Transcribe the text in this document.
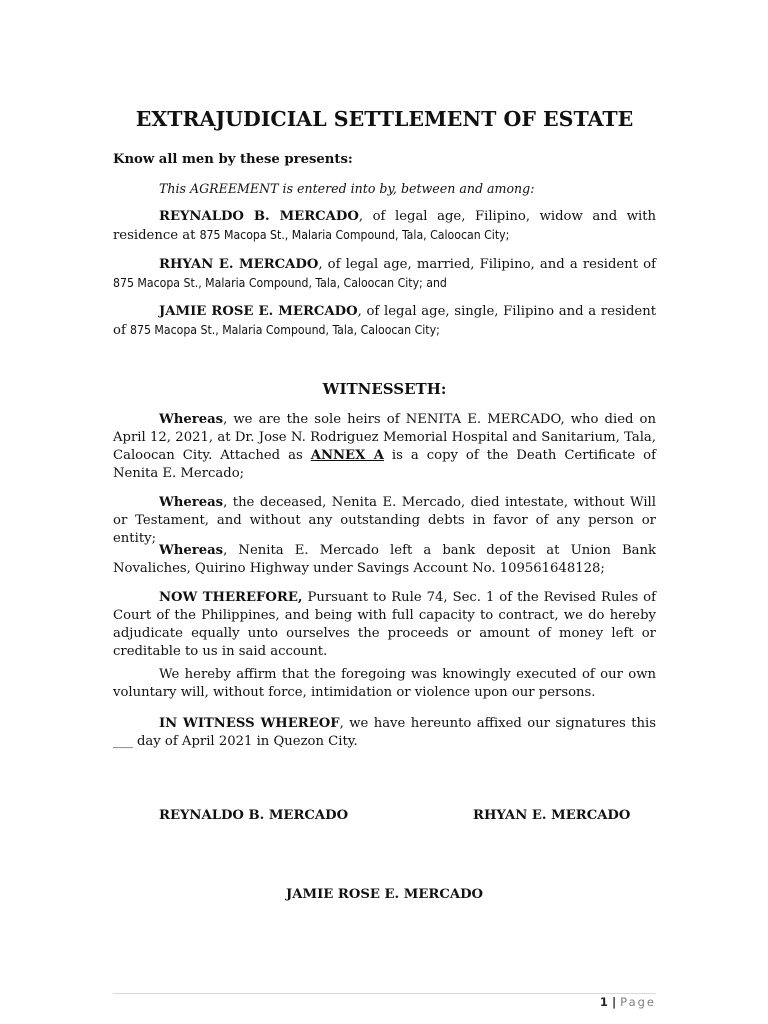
EXTRAJUDICIAL SETTLEMENT OF ESTATE

Know all men by these presents:

This AGREEMENT is entered into by, between and among:

REYNALDO B. MERCADO, of legal age, Filipino, widow and with residence at 875 Macopa St., Malaria Compound, Tala, Caloocan City;

RHYAN E. MERCADO, of legal age, married, Filipino, and a resident of 875 Macopa St., Malaria Compound, Tala, Caloocan City; and

JAMIE ROSE E. MERCADO, of legal age, single, Filipino and a resident of 875 Macopa St., Malaria Compound, Tala, Caloocan City;

WITNESSETH:

Whereas, we are the sole heirs of NENITA E. MERCADO, who died on April 12, 2021, at Dr. Jose N. Rodriguez Memorial Hospital and Sanitarium, Tala, Caloocan City. Attached as ANNEX A is a copy of the Death Certificate of Nenita E. Mercado;

Whereas, the deceased, Nenita E. Mercado, died intestate, without Will or Testament, and without any outstanding debts in favor of any person or entity;

Whereas, Nenita E. Mercado left a bank deposit at Union Bank Novaliches, Quirino Highway under Savings Account No. 109561648128;

NOW THEREFORE, Pursuant to Rule 74, Sec. 1 of the Revised Rules of Court of the Philippines, and being with full capacity to contract, we do hereby adjudicate equally unto ourselves the proceeds or amount of money left or creditable to us in said account.

We hereby affirm that the foregoing was knowingly executed of our own voluntary will, without force, intimidation or violence upon our persons.

IN WITNESS WHEREOF, we have hereunto affixed our signatures this ___ day of April 2021 in Quezon City.

REYNALDO B. MERCADO	RHYAN E. MERCADO
JAMIE ROSE E. MERCADO
1 | Page
